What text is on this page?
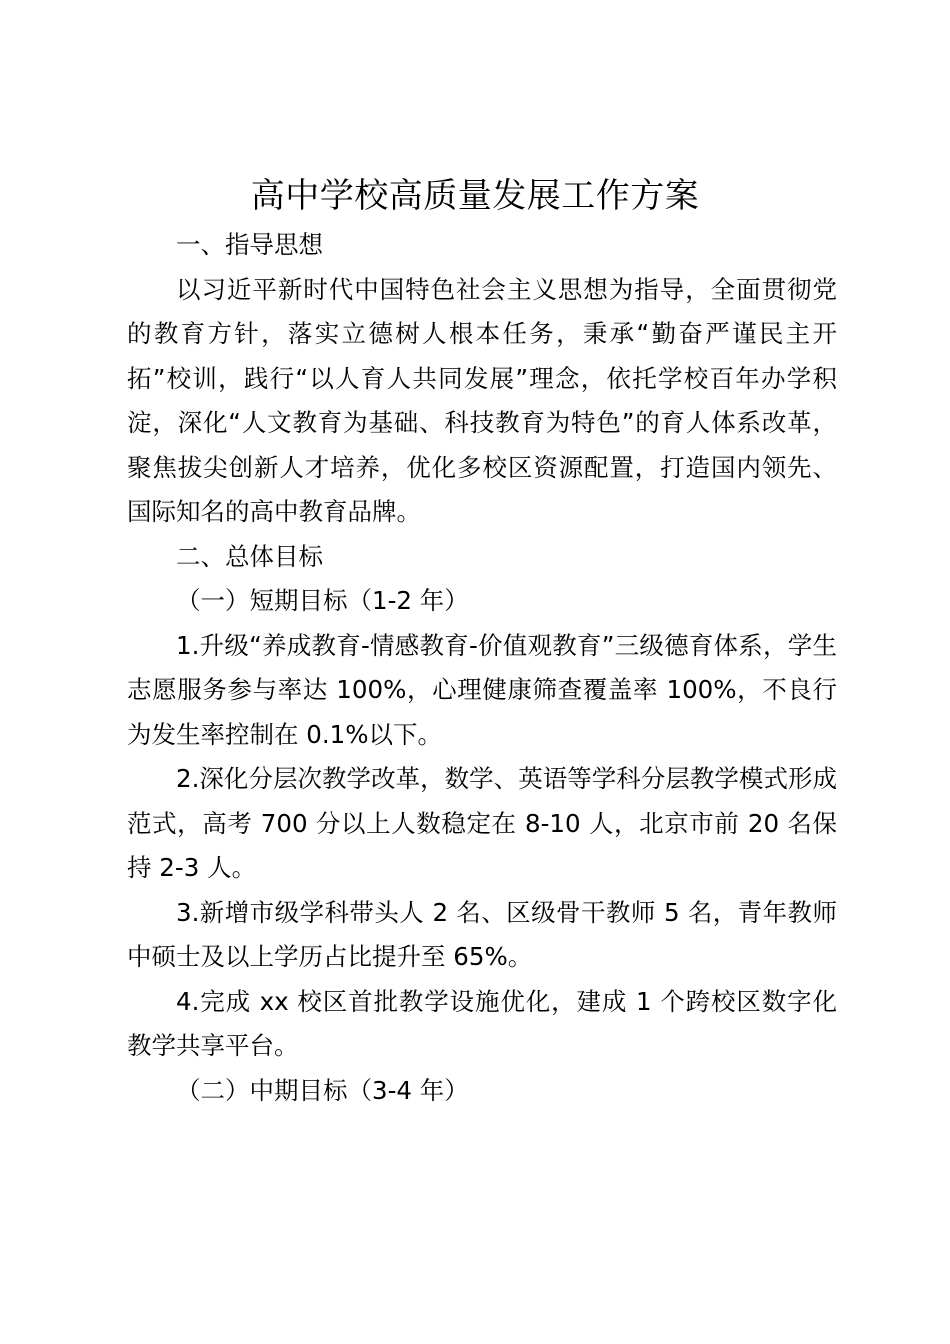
高中学校高质量发展工作方案

一、指导思想

以习近平新时代中国特色社会主义思想为指导，全面贯彻党的教育方针，落实立德树人根本任务，秉承“勤奋严谨民主开拓”校训，践行“以人育人共同发展”理念，依托学校百年办学积淀，深化“人文教育为基础、科技教育为特色”的育人体系改革，聚焦拔尖创新人才培养，优化多校区资源配置，打造国内领先、国际知名的高中教育品牌。

二、总体目标

（一）短期目标（1-2 年）

1.升级“养成教育-情感教育-价值观教育”三级德育体系，学生志愿服务参与率达 100%，心理健康筛查覆盖率 100%，不良行为发生率控制在 0.1%以下。

2.深化分层次教学改革，数学、英语等学科分层教学模式形成范式，高考 700 分以上人数稳定在 8-10 人，北京市前 20 名保持 2-3 人。

3.新增市级学科带头人 2 名、区级骨干教师 5 名，青年教师中硕士及以上学历占比提升至 65%。

4.完成 xx 校区首批教学设施优化，建成 1 个跨校区数字化教学共享平台。

（二）中期目标（3-4 年）
